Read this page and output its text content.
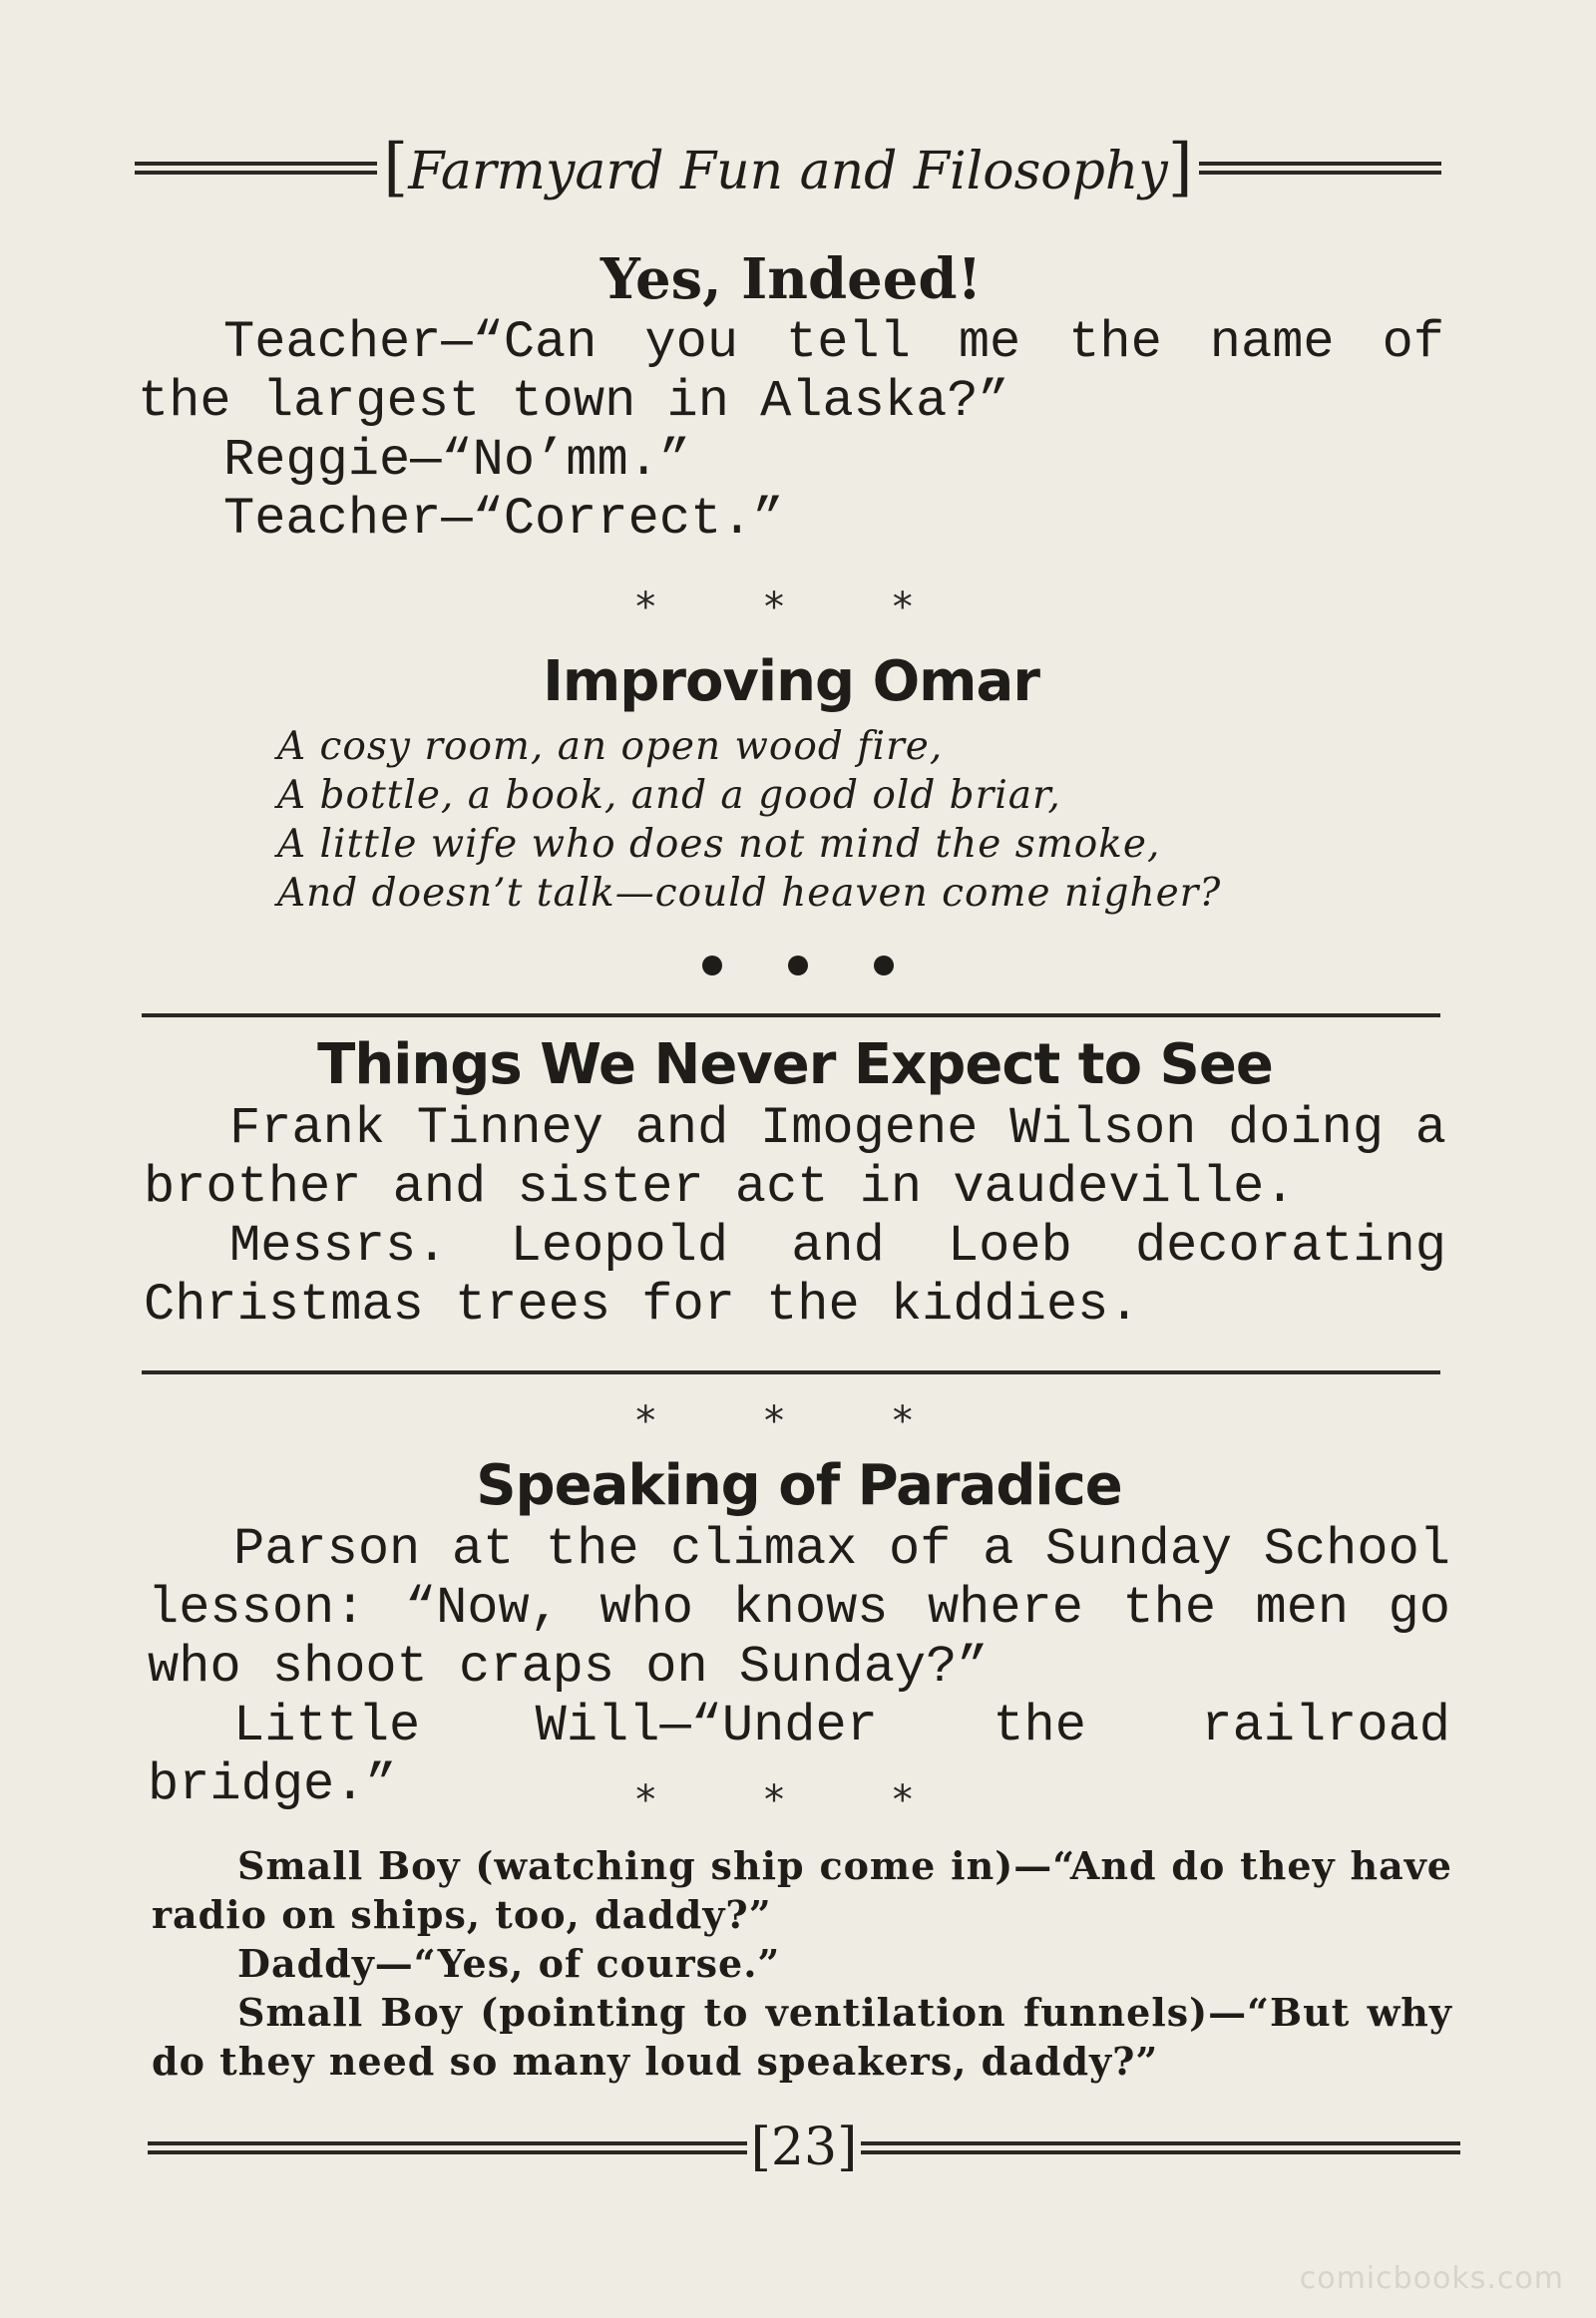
[Farmyard Fun and Filosophy]
Yes, Indeed!

Teacher—“Can you tell me the name of the largest town in Alaska?”

Reggie—“No’mm.”

Teacher—“Correct.”

* * *
Improving Omar
A cosy room, an open wood fire,
A bottle, a book, and a good old briar,
A little wife who does not mind the smoke,
And doesn’t talk—could heaven come nigher?
Things We Never Expect to See

Frank Tinney and Imogene Wilson doing a brother and sister act in vaudeville.

Messrs. Leopold and Loeb decorating Christmas trees for the kiddies.

* * *
Speaking of Paradice

Parson at the climax of a Sunday School lesson: “Now, who knows where the men go who shoot craps on Sunday?”

Little Will—“Under the railroad bridge.”	* * *

Small Boy (watching ship come in)—“And do they have radio on ships, too, daddy?”

Daddy—“Yes, of course.”

Small Boy (pointing to ventilation funnels)—“But why do they need so many loud speakers, daddy?”

[23]
comicbooks.com
